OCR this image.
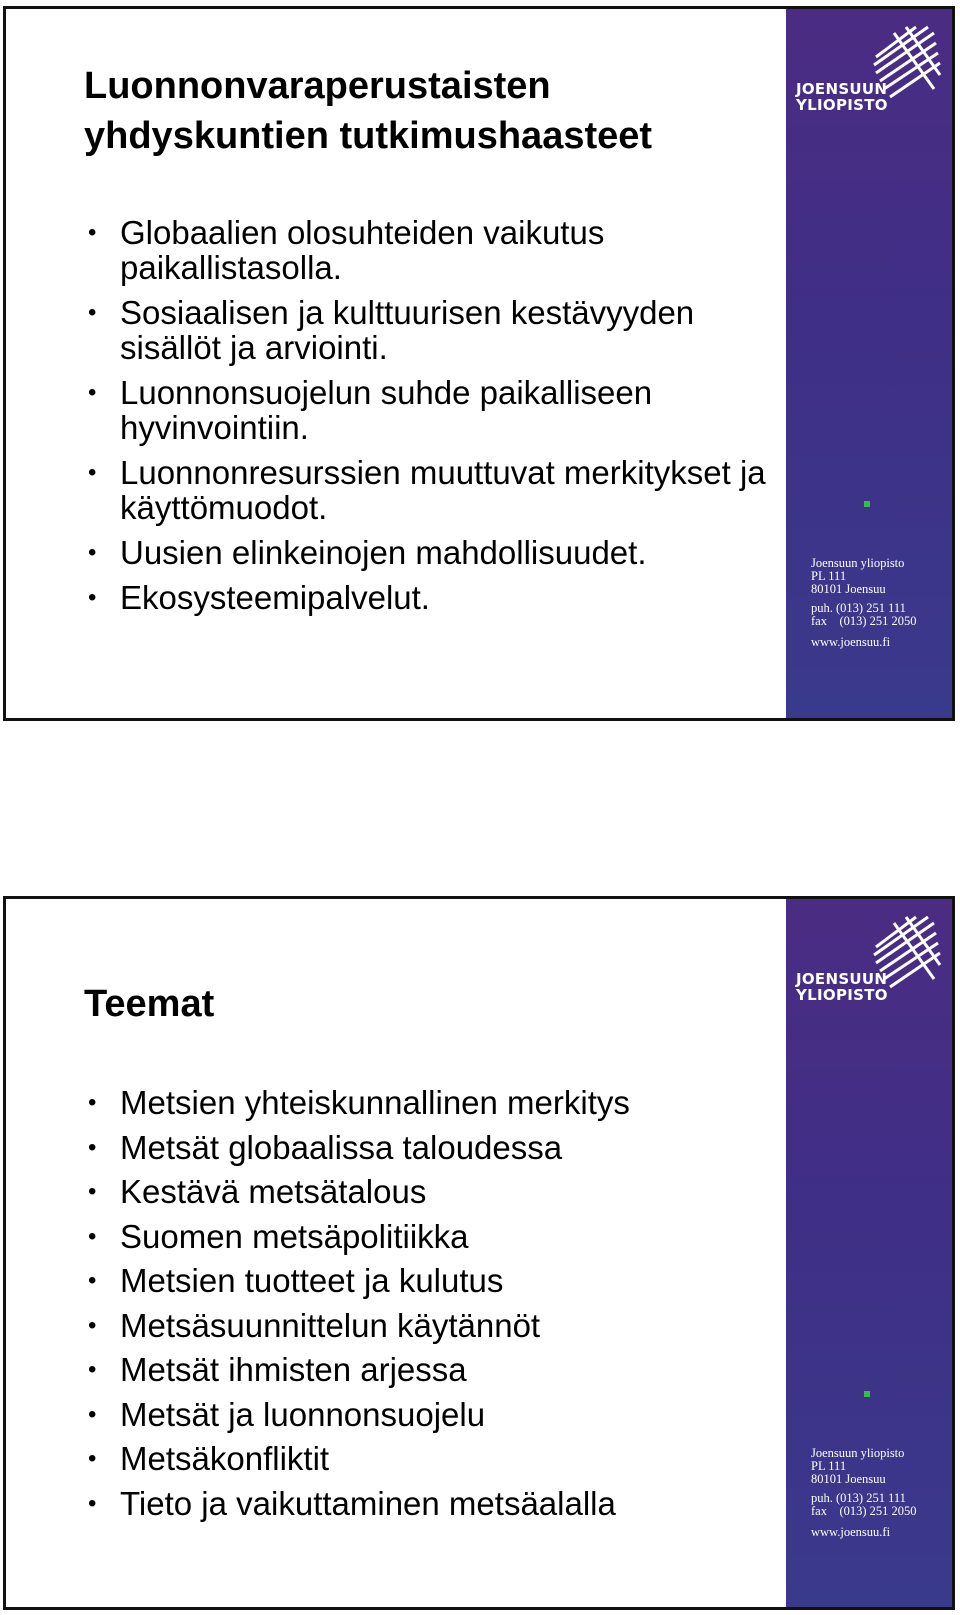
Luonnonvaraperustaisten yhdyskuntien tutkimushaasteet
• Globaalien olosuhteiden vaikutus paikallistasolla.
• Sosiaalisen ja kulttuurisen kestävyyden sisällöt ja arviointi.
• Luonnonsuojelun suhde paikalliseen hyvinvointiin.
• Luonnonresurssien muuttuvat merkitykset ja käyttömuodot.
• Uusien elinkeinojen mahdollisuudet.
• Ekosysteemipalvelut.
JOENSUUN
YLIOPISTO
Joensuun yliopisto
PL 111
80101 Joensuu
puh. (013) 251 111
fax    (013) 251 2050
www.joensuu.fi
Teemat
• Metsien yhteiskunnallinen merkitys
• Metsät globaalissa taloudessa
• Kestävä metsätalous
• Suomen metsäpolitiikka
• Metsien tuotteet ja kulutus
• Metsäsuunnittelun käytännöt
• Metsät ihmisten arjessa
• Metsät ja luonnonsuojelu
• Metsäkonfliktit
• Tieto ja vaikuttaminen metsäalalla
JOENSUUN
YLIOPISTO
Joensuun yliopisto
PL 111
80101 Joensuu
puh. (013) 251 111
fax    (013) 251 2050
www.joensuu.fi
